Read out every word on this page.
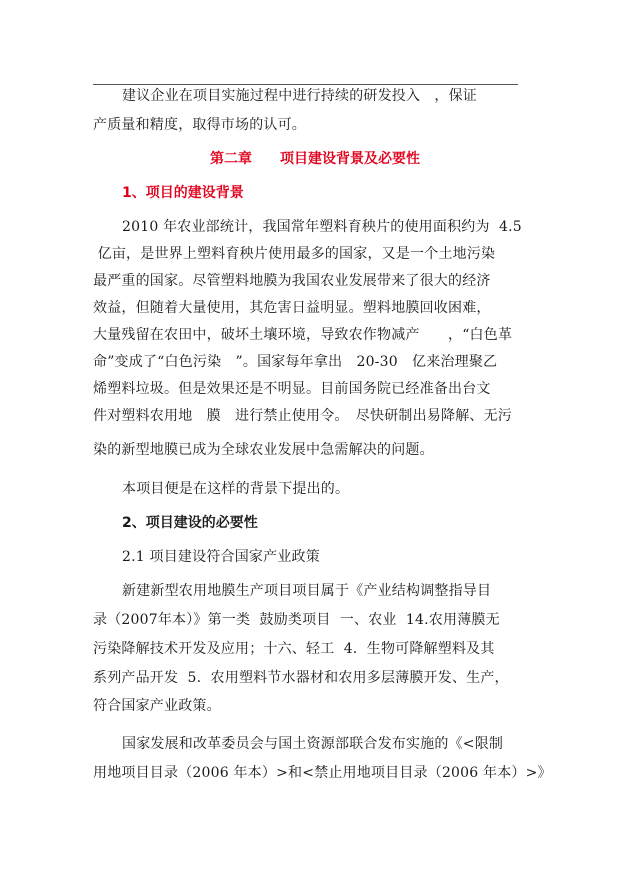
建议企业在项目实施过程中进行持续的研发投入　，保证
产质量和精度，取得市场的认可。
第二章　　项目建设背景及必要性
1、项目的建设背景
2010 年农业部统计，我国常年塑料育秧片的使用面积约为  4.5
亿亩，是世界上塑料育秧片使用最多的国家，又是一个土地污染
最严重的国家。尽管塑料地膜为我国农业发展带来了很大的经济
效益，但随着大量使用，其危害日益明显。塑料地膜回收困难，
大量残留在农田中，破坏土壤环境，导致农作物减产　　，“白色革
命”变成了“白色污染　”。国家每年拿出　20-30　亿来治理聚乙
烯塑料垃圾。但是效果还是不明显。目前国务院已经准备出台文
件对塑料农用地　膜　进行禁止使用令。　尽快研制出易降解、无污
染的新型地膜已成为全球农业发展中急需解决的问题。
本项目便是在这样的背景下提出的。
2、项目建设的必要性
2.1 项目建设符合国家产业政策
新建新型农用地膜生产项目项目属于《产业结构调整指导目
录（2007年本）》第一类  鼓励类项目  一、农业  14.农用薄膜无
污染降解技术开发及应用；十六、轻工  4.  生物可降解塑料及其
系列产品开发  5.  农用塑料节水器材和农用多层薄膜开发、生产，
符合国家产业政策。
国家发展和改革委员会与国土资源部联合发布实施的《<限制
用地项目目录（2006 年本）>和<禁止用地项目目录（2006 年本）>》
